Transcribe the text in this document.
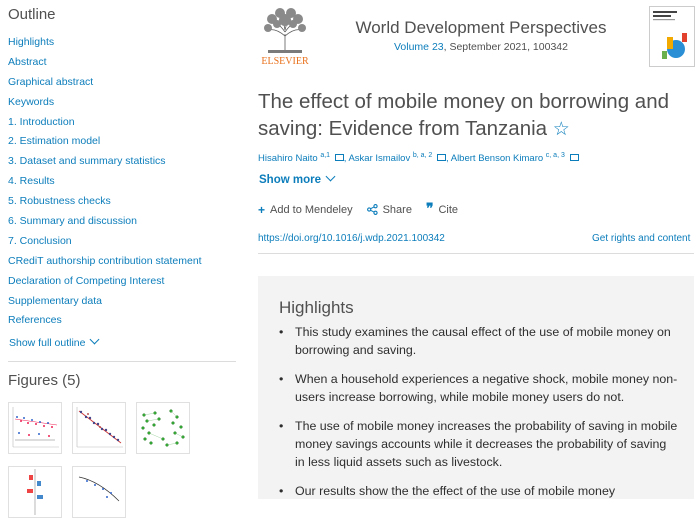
Outline
Highlights
Abstract
Graphical abstract
Keywords
1. Introduction
2. Estimation model
3. Dataset and summary statistics
4. Results
5. Robustness checks
6. Summary and discussion
7. Conclusion
CRediT authorship contribution statement
Declaration of Competing Interest
Supplementary data
References
Show full outline
Figures (5)
ELSEVIER
World Development Perspectives
Volume 23, September 2021, 100342
The effect of mobile money on borrowing and saving: Evidence from Tanzania ☆
Hisahiro Naito $^{a,1}$ , Askar Ismailov $^{b, a, 2}$ , Albert Benson Kimaro $^{c, a, 3}$
Show more
+ Add to Mendeley	Share ❞ Cite
https://doi.org/10.1016/j.wdp.2021.100342	Get rights and content
Highlights
• This study examines the causal effect of the use of mobile money on borrowing and saving.
• When a household experiences a negative shock, mobile money non-users increase borrowing, while mobile money users do not.
• The use of mobile money increases the probability of saving in mobile money savings accounts while it decreases the probability of saving in less liquid assets such as livestock.
• Our results show the the effect of the use of mobile money
